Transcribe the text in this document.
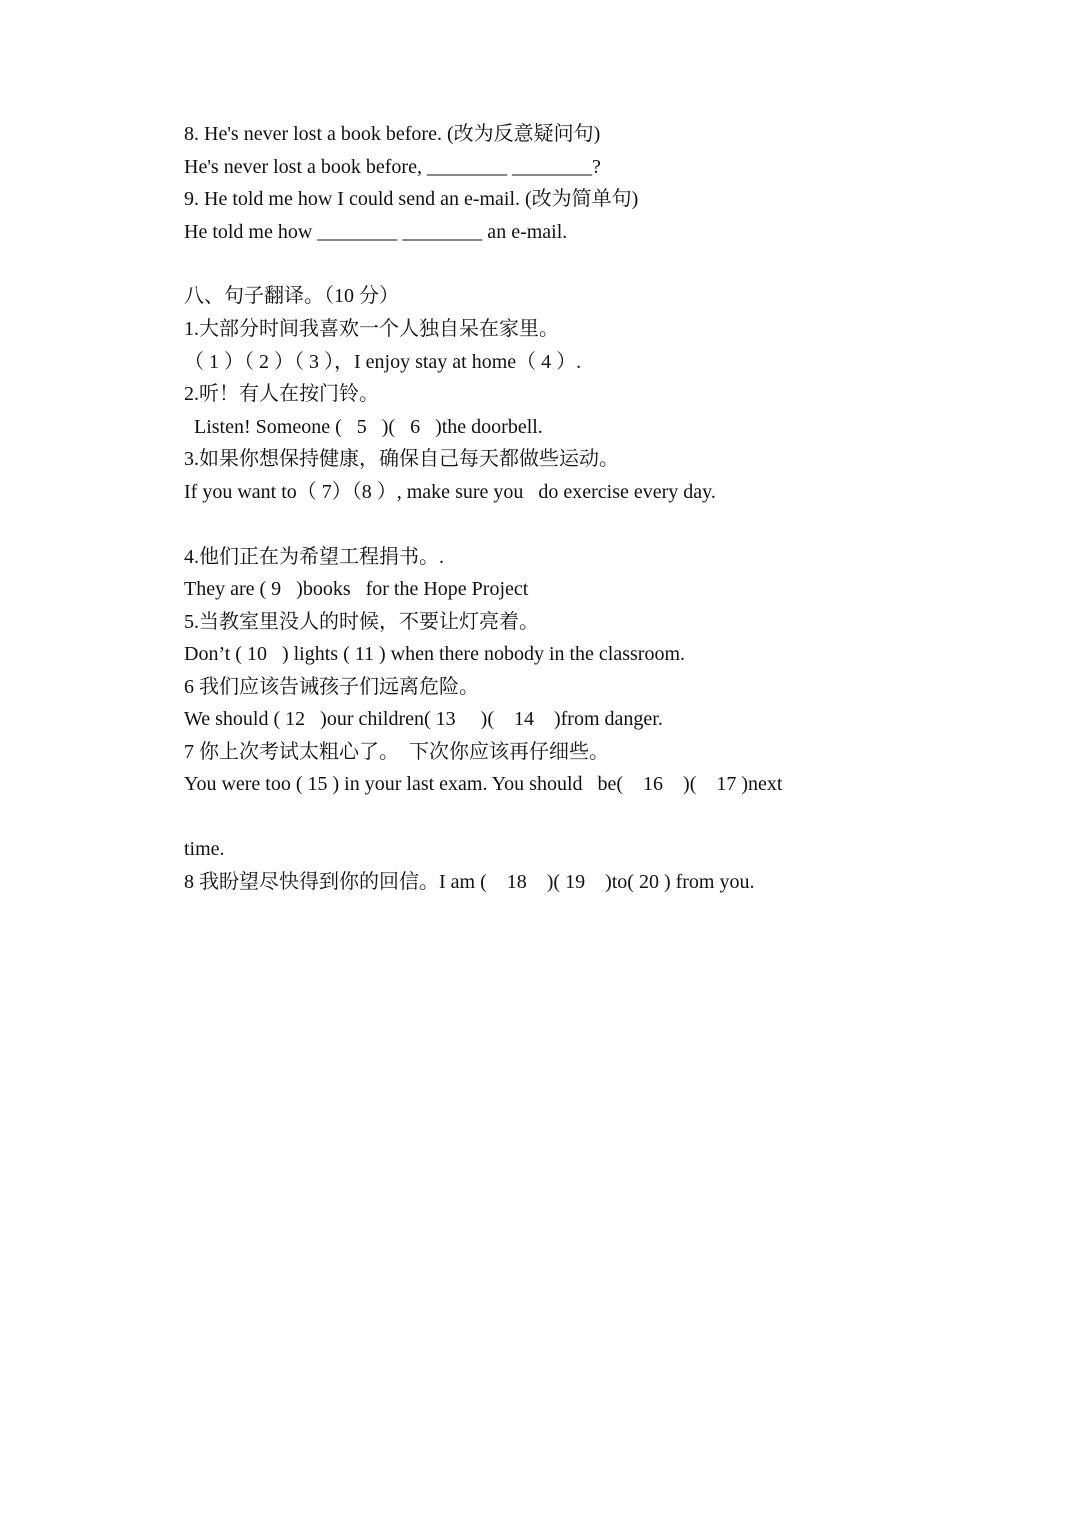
8. He's never lost a book before. (改为反意疑问句)
He's never lost a book before, ________ ________?
9. He told me how I could send an e-mail. (改为简单句)
He told me how ________ ________ an e-mail.
八、句子翻译。（10 分）
1.大部分时间我喜欢一个人独自呆在家里。
（ 1 ）（ 2 ）（ 3 ），I enjoy stay at home（ 4 ）.
2.听！有人在按门铃。
Listen! Someone (   5   )(   6   )the doorbell.
3.如果你想保持健康，确保自己每天都做些运动。
If you want to（ 7）（8 ）, make sure you   do exercise every day.
4.他们正在为希望工程捐书。.
They are ( 9   )books   for the Hope Project
5.当教室里没人的时候，不要让灯亮着。
Don’t ( 10   ) lights ( 11 ) when there nobody in the classroom.
6 我们应该告诫孩子们远离危险。
We should ( 12   )our children( 13     )(    14    )from danger.
7 你上次考试太粗心了。  下次你应该再仔细些。
You were too ( 15 ) in your last exam. You should   be(    16    )(    17 )next
time.
8 我盼望尽快得到你的回信。I am (    18    )( 19    )to( 20 ) from you.
